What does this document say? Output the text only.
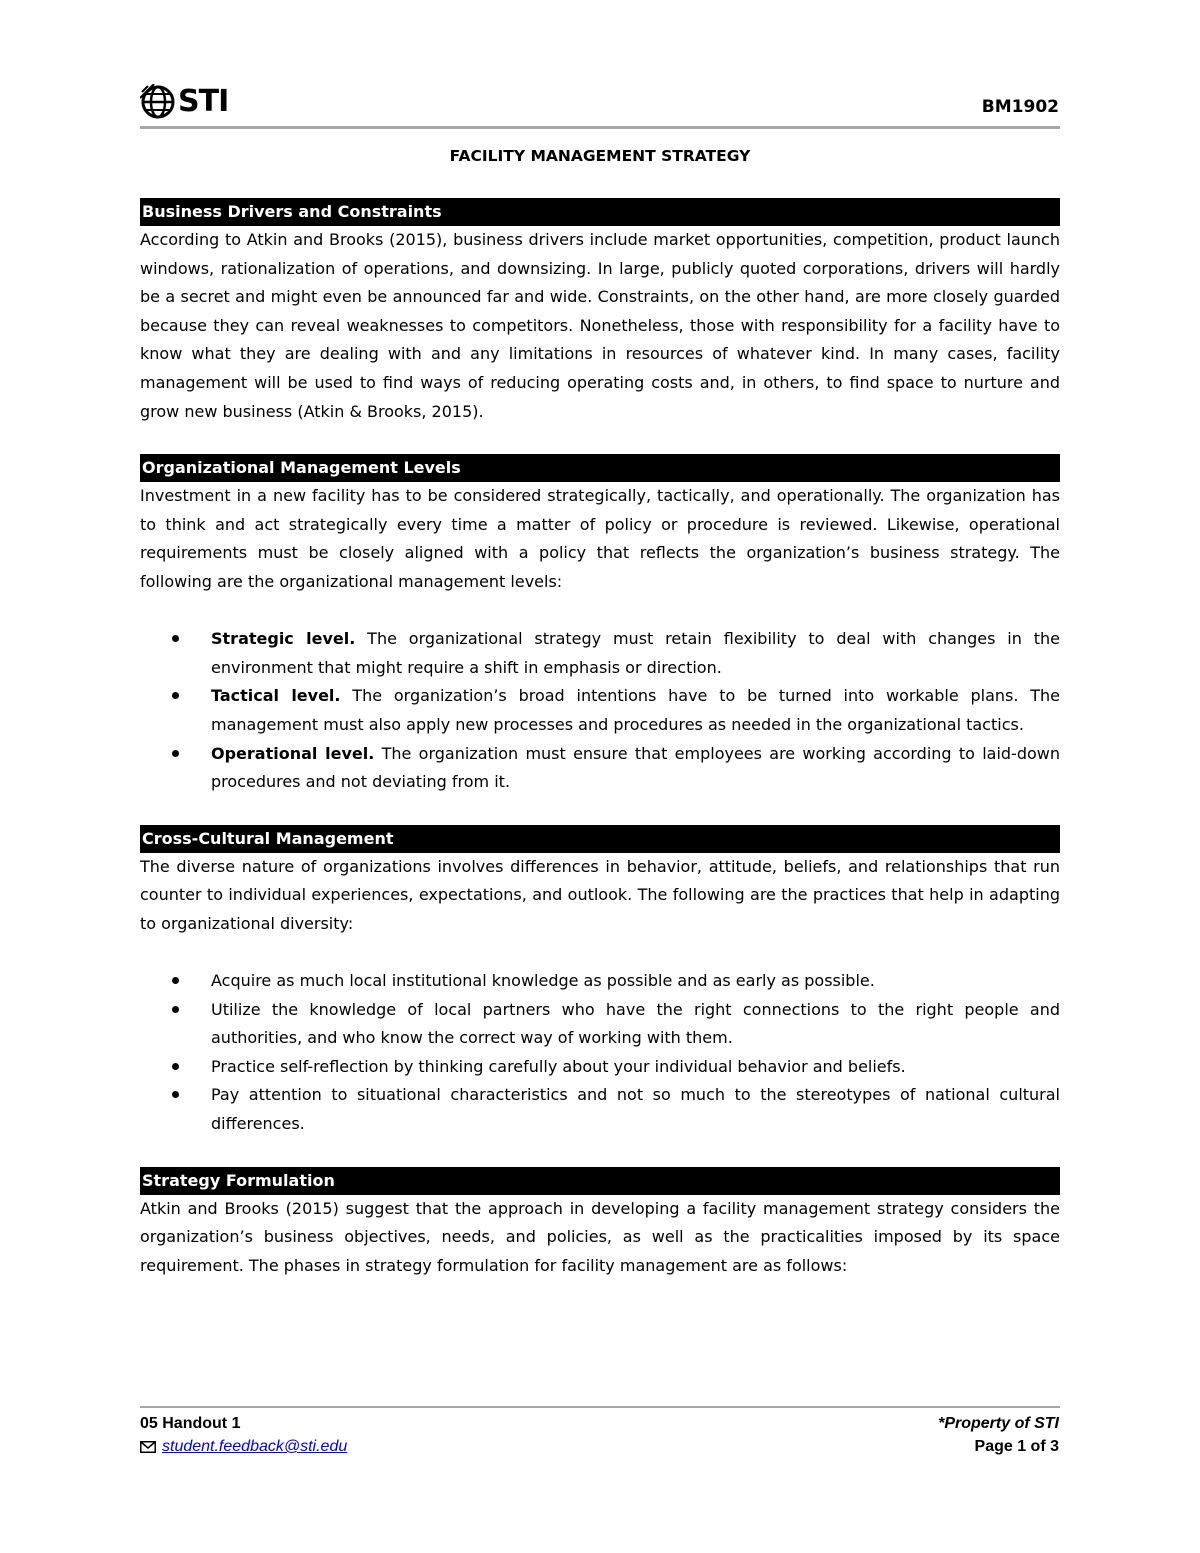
STI	BM1902
FACILITY MANAGEMENT STRATEGY
Business Drivers and Constraints

According to Atkin and Brooks (2015), business drivers include market opportunities, competition, product launch windows, rationalization of operations, and downsizing. In large, publicly quoted corporations, drivers will hardly be a secret and might even be announced far and wide. Constraints, on the other hand, are more closely guarded because they can reveal weaknesses to competitors. Nonetheless, those with responsibility for a facility have to know what they are dealing with and any limitations in resources of whatever kind. In many cases, facility management will be used to find ways of reducing operating costs and, in others, to find space to nurture and grow new business (Atkin & Brooks, 2015).

Organizational Management Levels

Investment in a new facility has to be considered strategically, tactically, and operationally. The organization has to think and act strategically every time a matter of policy or procedure is reviewed. Likewise, operational requirements must be closely aligned with a policy that reflects the organization’s business strategy. The following are the organizational management levels:

Strategic level. The organizational strategy must retain flexibility to deal with changes in the environment that might require a shift in emphasis or direction.
Tactical level. The organization’s broad intentions have to be turned into workable plans. The management must also apply new processes and procedures as needed in the organizational tactics.
Operational level. The organization must ensure that employees are working according to laid-down procedures and not deviating from it.
Cross-Cultural Management

The diverse nature of organizations involves differences in behavior, attitude, beliefs, and relationships that run counter to individual experiences, expectations, and outlook. The following are the practices that help in adapting to organizational diversity:

Acquire as much local institutional knowledge as possible and as early as possible.
Utilize the knowledge of local partners who have the right connections to the right people and authorities, and who know the correct way of working with them.
Practice self-reflection by thinking carefully about your individual behavior and beliefs.
Pay attention to situational characteristics and not so much to the stereotypes of national cultural differences.
Strategy Formulation

Atkin and Brooks (2015) suggest that the approach in developing a facility management strategy considers the organization’s business objectives, needs, and policies, as well as the practicalities imposed by its space requirement. The phases in strategy formulation for facility management are as follows:

05 Handout 1
student.feedback@sti.edu
*Property of STI
Page 1 of 3
